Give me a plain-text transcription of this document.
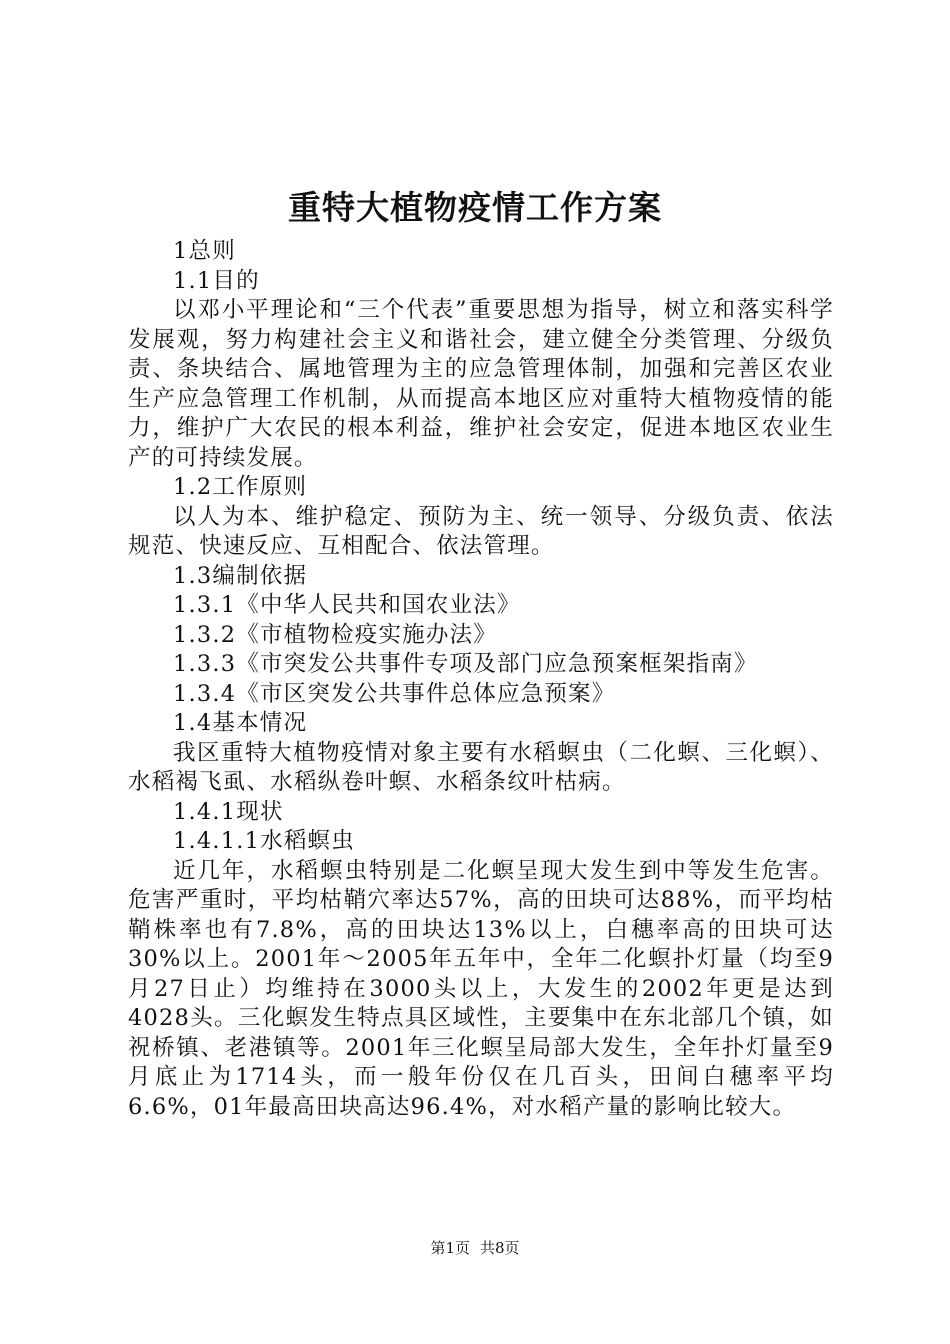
重特大植物疫情工作方案

1总则

1.1目的

以邓小平理论和“三个代表”重要思想为指导，树立和落实科学发展观，努力构建社会主义和谐社会，建立健全分类管理、分级负责、条块结合、属地管理为主的应急管理体制，加强和完善区农业生产应急管理工作机制，从而提高本地区应对重特大植物疫情的能力，维护广大农民的根本利益，维护社会安定，促进本地区农业生产的可持续发展。

1.2工作原则

以人为本、维护稳定、预防为主、统一领导、分级负责、依法规范、快速反应、互相配合、依法管理。

1.3编制依据

1.3.1《中华人民共和国农业法》

1.3.2《市植物检疫实施办法》

1.3.3《市突发公共事件专项及部门应急预案框架指南》

1.3.4《市区突发公共事件总体应急预案》

1.4基本情况

我区重特大植物疫情对象主要有水稻螟虫（二化螟、三化螟）、水稻褐飞虱、水稻纵卷叶螟、水稻条纹叶枯病。

1.4.1现状

1.4.1.1水稻螟虫

近几年，水稻螟虫特别是二化螟呈现大发生到中等发生危害。危害严重时，平均枯鞘穴率达57%，高的田块可达88%，而平均枯鞘株率也有7.8%，高的田块达13%以上，白穗率高的田块可达30%以上。2001年～2005年五年中，全年二化螟扑灯量（均至9月27日止）均维持在3000头以上，大发生的2002年更是达到4028头。三化螟发生特点具区域性，主要集中在东北部几个镇，如祝桥镇、老港镇等。2001年三化螟呈局部大发生，全年扑灯量至9月底止为1714头，而一般年份仅在几百头，田间白穗率平均6.6%，01年最高田块高达96.4%，对水稻产量的影响比较大。

第1页 共8页
